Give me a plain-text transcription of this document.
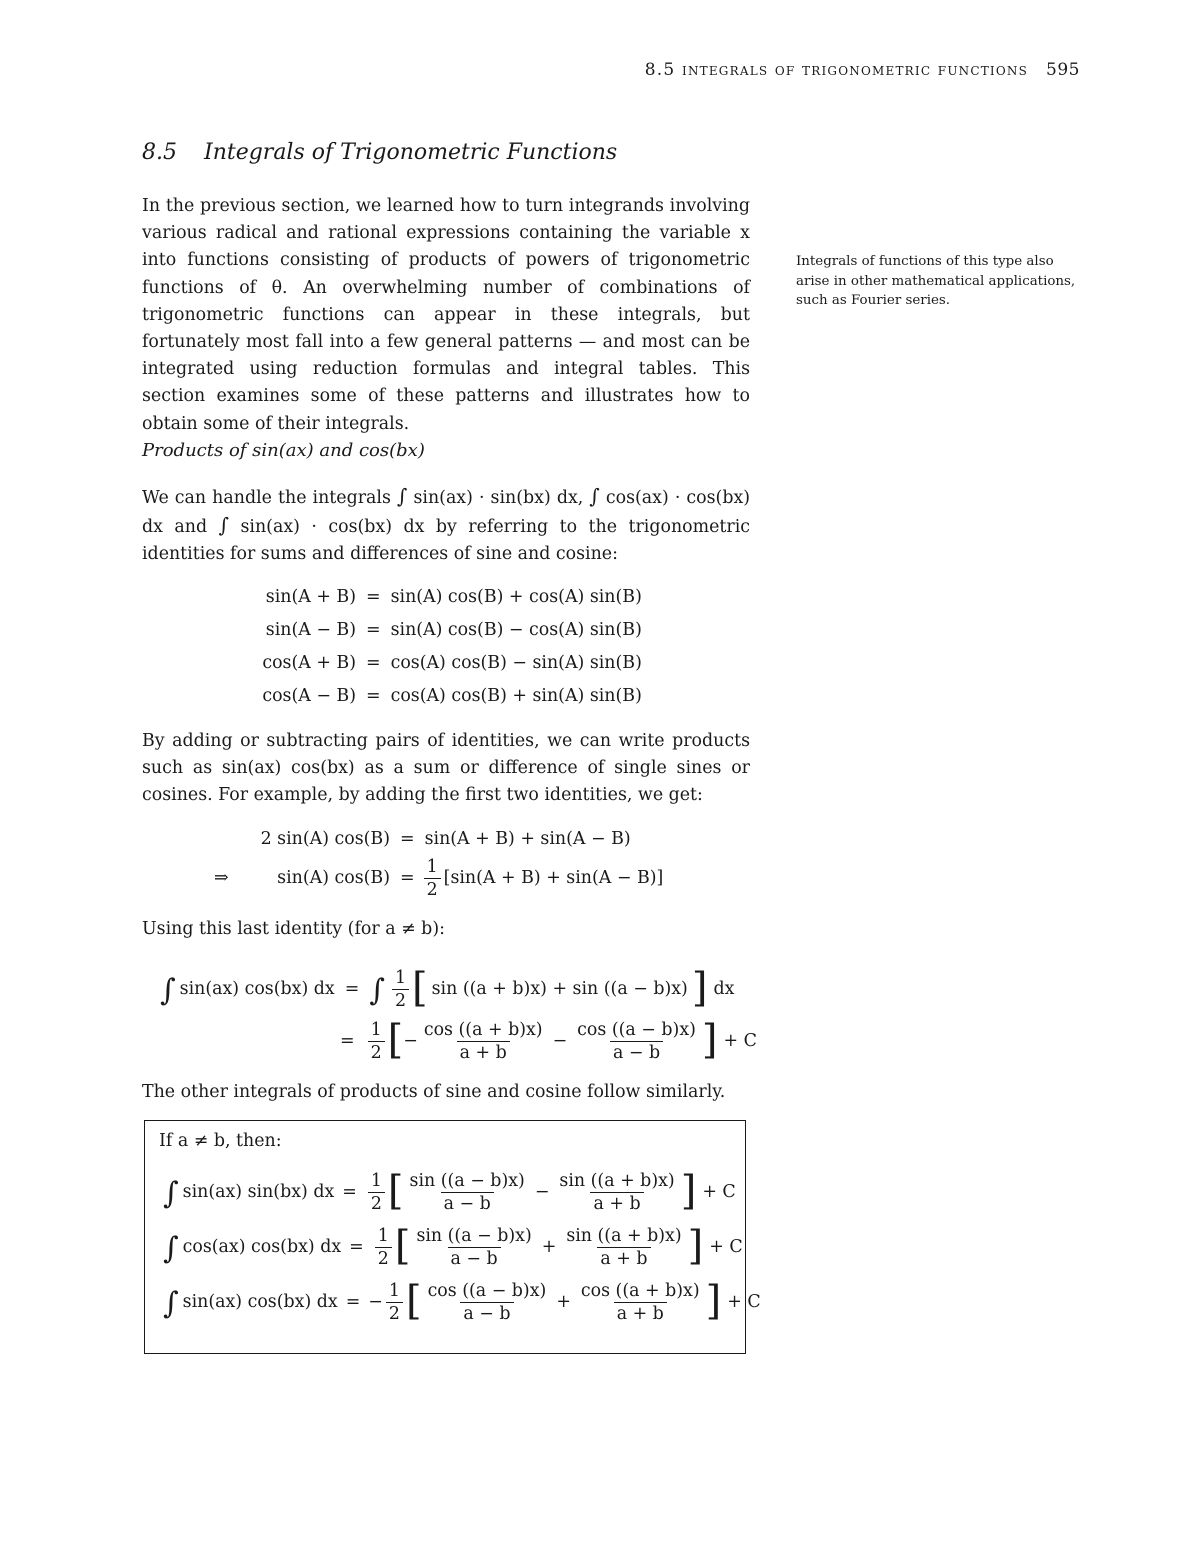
8.5 integrals of trigonometric functions 595
8.5 Integrals of Trigonometric Functions

In the previous section, we learned how to turn integrands involving various radical and rational expressions containing the variable x into functions consisting of products of powers of trigonometric functions of θ. An overwhelming number of combinations of trigonometric functions can appear in these integrals, but fortunately most fall into a few general patterns — and most can be integrated using reduction formulas and integral tables. This section examines some of these patterns and illustrates how to obtain some of their integrals.

Integrals of functions of this type also arise in other mathematical applications, such as Fourier series.
Products of sin(ax) and cos(bx)

We can handle the integrals ∫ sin(ax) · sin(bx) dx, ∫ cos(ax) · cos(bx) dx and ∫ sin(ax) · cos(bx) dx by referring to the trigonometric identities for sums and differences of sine and cosine:

sin(A + B) = sin(A) cos(B) + cos(A) sin(B)
sin(A − B) = sin(A) cos(B) − cos(A) sin(B)
cos(A + B) = cos(A) cos(B) − sin(A) sin(B)
cos(A − B) = cos(A) cos(B) + sin(A) sin(B)

By adding or subtracting pairs of identities, we can write products such as sin(ax) cos(bx) as a sum or difference of single sines or cosines. For example, by adding the first two identities, we get:

2 sin(A) cos(B) = sin(A + B) + sin(A − B)
⇒	sin(A) $\cos(B) = \frac{1}{2} [\sin(A + B) + \sin(A - B)]$

Using this last identity (for a ≠ b):

∫ sin(ax) cos(bx) dx = ∫ $\frac{1}{2}$ [ sin ((a + b)x) + sin ((a − b)x) ] dx
= $\frac{1}{2}$ [ − $\frac{\cos ((a + b)x)}{a + b} - \frac{\cos ((a - b)x)}{a - b}$ ] + C

The other integrals of products of sine and cosine follow similarly.

If a ≠ b, then:
∫ sin(ax) sin(bx) dx = $\frac{1}{2}$ [ $\frac{\sin ((a - b)x)}{a - b} - \frac{\sin ((a + b)x)}{a + b}$ ] + C
∫ cos(ax) cos(bx) dx = $\frac{1}{2}$ [ $\frac{\sin ((a - b)x)}{a - b} + \frac{\sin ((a + b)x)}{a + b}$ ] + C
∫ sin(ax) cos(bx) dx = − $\frac{1}{2}$ [ $\frac{\cos ((a - b)x)}{a - b} + \frac{\cos ((a + b)x)}{a + b}$ ] + C
